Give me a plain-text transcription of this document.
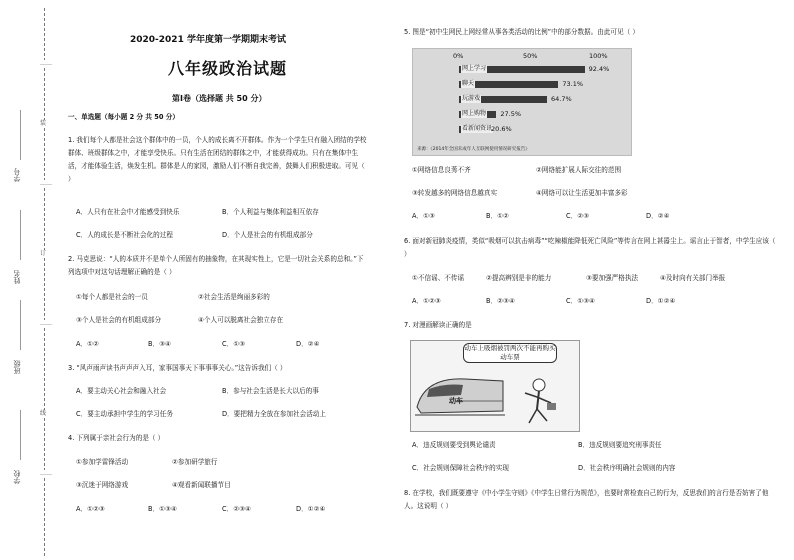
……
装
……
订
……
线
……
学号
姓名
班级
学校
2020-2021 学年度第一学期期末考试
八年级政治试题
第Ⅰ卷（选择题 共 50 分）
一、单选题（每小题 2 分 共 50 分）
1. 我们每个人都是社会这个群体中的一员，个人的成长离不开群体。作为一个学生只有融入团结的学校群体、班级群体之中，才能享受快乐。只有生活在团结的群体之中，才能获得成功。只有在集体中生活，才能体验生活，焕发生机。群体是人的家园，激励人们不断自我完善，鼓舞人们积极进取。可见（ ）
A．人只有在社会中才能感受到快乐	B．个人利益与集体利益相互依存
C．人的成长是不断社会化的过程	D．个人是社会的有机组成部分
2. 马克思说：“人的本质并不是单个人所固有的抽象物，在其现实性上，它是一切社会关系的总和。”下列选项中对这句话理解正确的是（ ）
①每个人都是社会的一员	②社会生活是绚丽多彩的
③个人是社会的有机组成部分	④个人可以脱离社会独立存在
A．①②	B．③④	C．①③	D．②④
3. “风声雨声读书声声声入耳，家事国事天下事事事关心。”这告诉我们（ ）
A．要主动关心社会和融入社会	B．参与社会生活是长大以后的事
C．要主动承担中学生的学习任务	D．要把精力全放在参加社会活动上
4. 下列属于亲社会行为的是（ ）
①参加学雷锋活动	②参加研学旅行
③沉迷于网络游戏	④观看新闻联播节目
A．①②③	B．①③④	C．②③④	D．①②④
5. 图是“初中生网民上网经常从事各类活动的比例”中的部分数据。由此可见（ ）
0%	50%	100%
网上学习
聊天
玩游戏
网上购物
看新闻资讯
92.4%
73.1%
64.7%
27.5%
20.6%
来源：《2014年全国未成年人互联网使用情况研究报告》
①网络信息良莠不齐	②网络能扩展人际交往的范围
③转发越多的网络信息越真实	④网络可以让生活更加丰富多彩
A．①③	B．①②	C．②③	D．②④
6. 面对新冠肺炎疫情，类似“吸烟可以抗击病毒”“吃辣椒能降低死亡风险”等传言在网上甚嚣尘上。谣言止于智者，中学生应该（ ）
①不信谣、不传谣	②提高辨别是非的能力	③要加强严格执法	④及时向有关部门举报
A．①②③	B．②③④	C．①③④	D．①②④
7. 对漫画解读正确的是
动车上吸烟被罚两次不能再购买动车票
动车
A．违反规则要受到舆论谴责	B．违反规则要追究刑事责任
C．社会规则保障社会秩序的实现	D．社会秩序明确社会规则的内容
8. 在学校，我们既要遵守《中小学生守则》《中学生日常行为规范》，也要时常检查自己的行为，反思我们的言行是否妨害了他人。这说明（ ）
